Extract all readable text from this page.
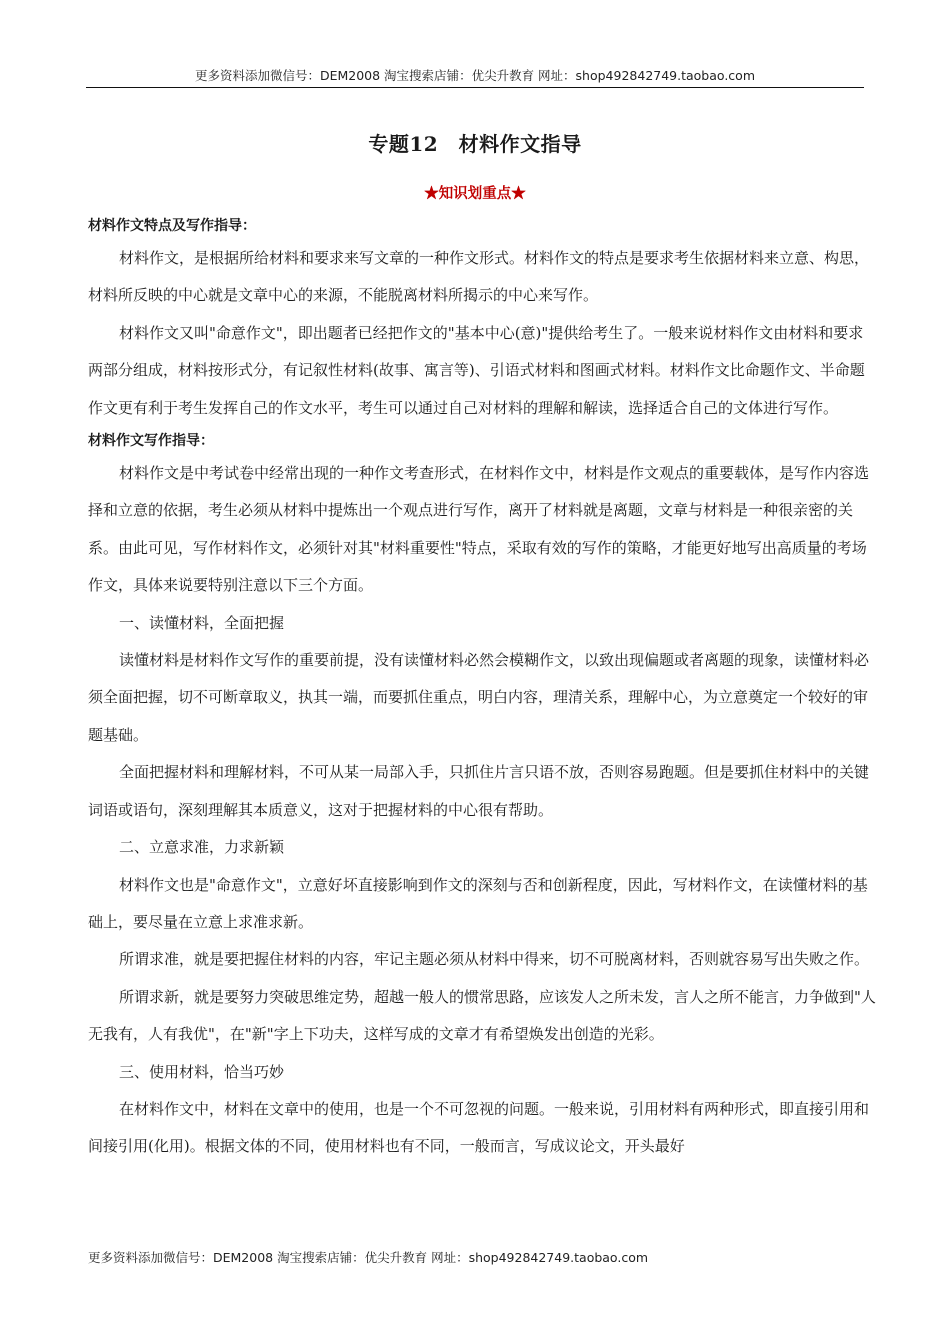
更多资料添加微信号：DEM2008 淘宝搜索店铺：优尖升教育 网址：shop492842749.taobao.com
专题12　材料作文指导
★知识划重点★

材料作文特点及写作指导：

材料作文，是根据所给材料和要求来写文章的一种作文形式。材料作文的特点是要求考生依据材料来立意、构思，材料所反映的中心就是文章中心的来源，不能脱离材料所揭示的中心来写作。

材料作文又叫"命意作文"，即出题者已经把作文的"基本中心(意)"提供给考生了。一般来说材料作文由材料和要求两部分组成，材料按形式分，有记叙性材料(故事、寓言等)、引语式材料和图画式材料。材料作文比命题作文、半命题作文更有利于考生发挥自己的作文水平，考生可以通过自己对材料的理解和解读，选择适合自己的文体进行写作。

材料作文写作指导：

材料作文是中考试卷中经常出现的一种作文考查形式，在材料作文中，材料是作文观点的重要载体，是写作内容选择和立意的依据，考生必须从材料中提炼出一个观点进行写作，离开了材料就是离题，文章与材料是一种很亲密的关系。由此可见，写作材料作文，必须针对其"材料重要性"特点，采取有效的写作的策略，才能更好地写出高质量的考场作文，具体来说要特别注意以下三个方面。

一、读懂材料，全面把握

读懂材料是材料作文写作的重要前提，没有读懂材料必然会模糊作文，以致出现偏题或者离题的现象，读懂材料必须全面把握，切不可断章取义，执其一端，而要抓住重点，明白内容，理清关系，理解中心，为立意奠定一个较好的审题基础。

全面把握材料和理解材料，不可从某一局部入手，只抓住片言只语不放，否则容易跑题。但是要抓住材料中的关键词语或语句，深刻理解其本质意义，这对于把握材料的中心很有帮助。

二、立意求准，力求新颖

材料作文也是"命意作文"，立意好坏直接影响到作文的深刻与否和创新程度，因此，写材料作文，在读懂材料的基础上，要尽量在立意上求准求新。

所谓求准，就是要把握住材料的内容，牢记主题必须从材料中得来，切不可脱离材料，否则就容易写出失败之作。

所谓求新，就是要努力突破思维定势，超越一般人的惯常思路，应该发人之所未发，言人之所不能言，力争做到"人无我有，人有我优"，在"新"字上下功夫，这样写成的文章才有希望焕发出创造的光彩。

三、使用材料，恰当巧妙

在材料作文中，材料在文章中的使用，也是一个不可忽视的问题。一般来说，引用材料有两种形式，即直接引用和间接引用(化用)。根据文体的不同，使用材料也有不同，一般而言，写成议论文，开头最好

更多资料添加微信号：DEM2008 淘宝搜索店铺：优尖升教育 网址：shop492842749.taobao.com
